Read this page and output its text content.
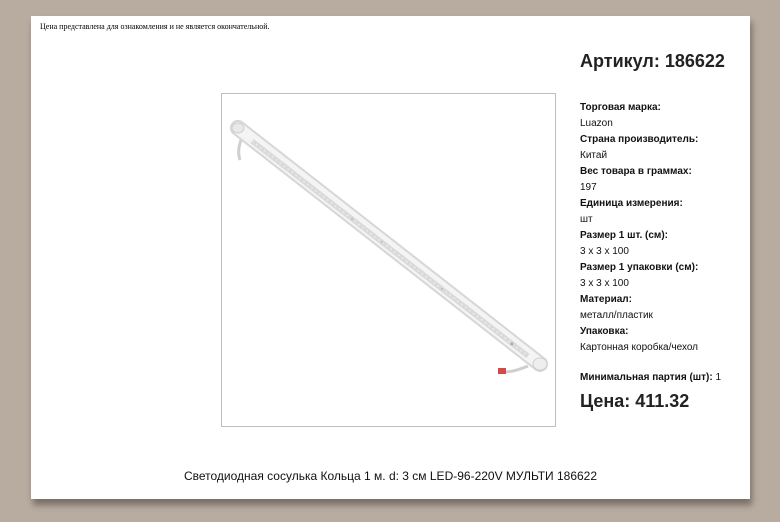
Цена представлена для ознакомления и не является окончательной.
Артикул: 186622
Торговая марка:
Luazon
Страна производитель:
Китай
Вес товара в граммах:
197
Единица измерения:
шт
Размер 1 шт. (см):
3 х 3 х 100
Размер 1 упаковки (см):
3 х 3 х 100
Материал:
металл/пластик
Упаковка:
Картонная коробка/чехол
Минимальная партия (шт): 1
Цена: 411.32
Светодиодная сосулька Кольца 1 м. d: 3 см LED-96-220V МУЛЬТИ 186622
